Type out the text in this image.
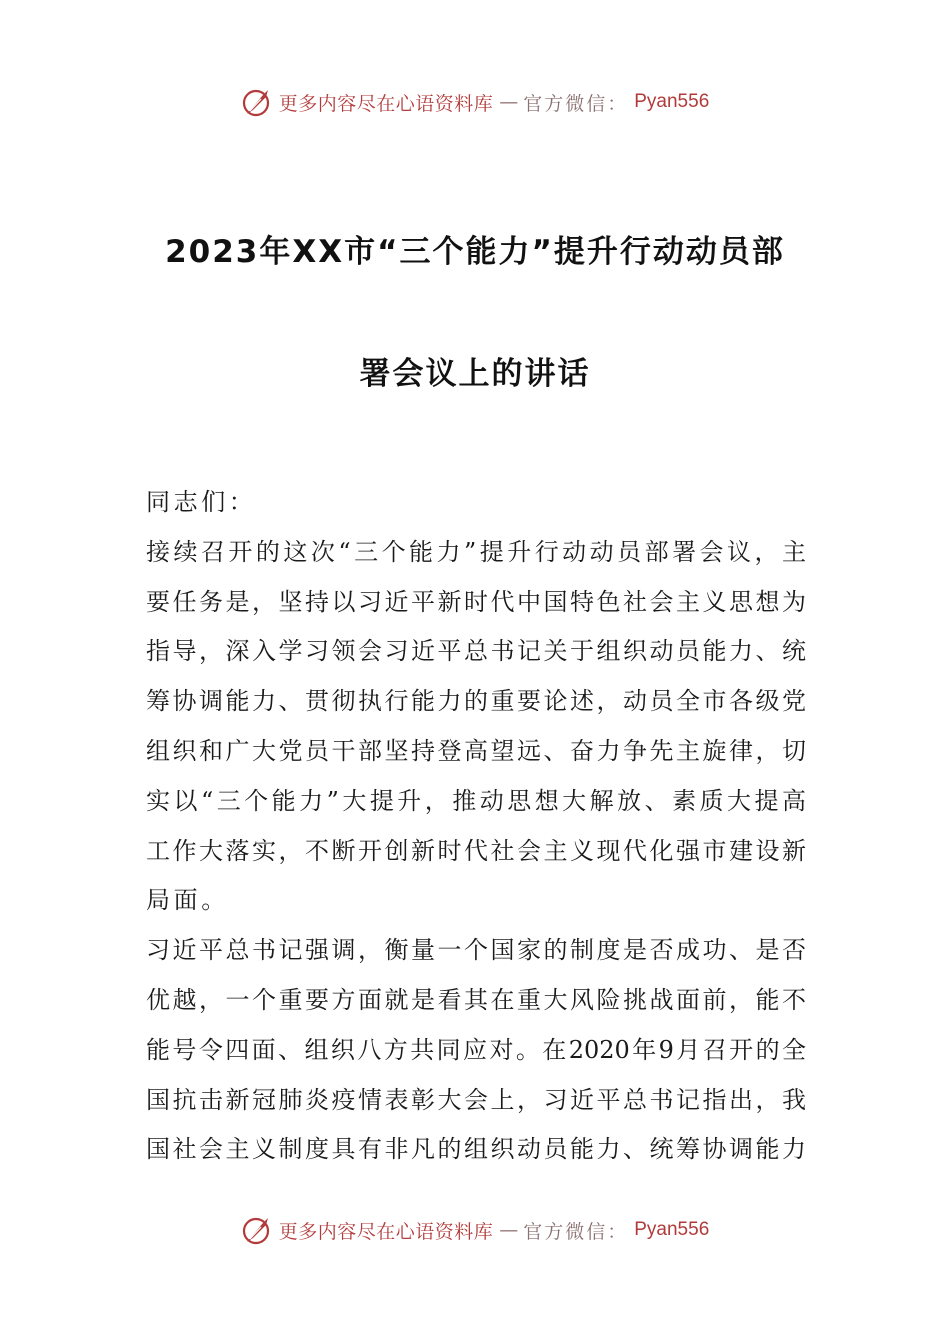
更多内容尽在心语资料库 — 官方微信： Pyan556
2023年XX市“三个能力”提升行动动员部
署会议上的讲话
同志们：
接续召开的这次“三个能力”提升行动动员部署会议，主
要任务是，坚持以习近平新时代中国特色社会主义思想为
指导，深入学习领会习近平总书记关于组织动员能力、统
筹协调能力、贯彻执行能力的重要论述，动员全市各级党
组织和广大党员干部坚持登高望远、奋力争先主旋律，切
实以“三个能力”大提升，推动思想大解放、素质大提高
工作大落实，不断开创新时代社会主义现代化强市建设新
局面。
习近平总书记强调，衡量一个国家的制度是否成功、是否
优越，一个重要方面就是看其在重大风险挑战面前，能不
能号令四面、组织八方共同应对。在2020年9月召开的全
国抗击新冠肺炎疫情表彰大会上，习近平总书记指出，我
国社会主义制度具有非凡的组织动员能力、统筹协调能力
更多内容尽在心语资料库 — 官方微信： Pyan556
